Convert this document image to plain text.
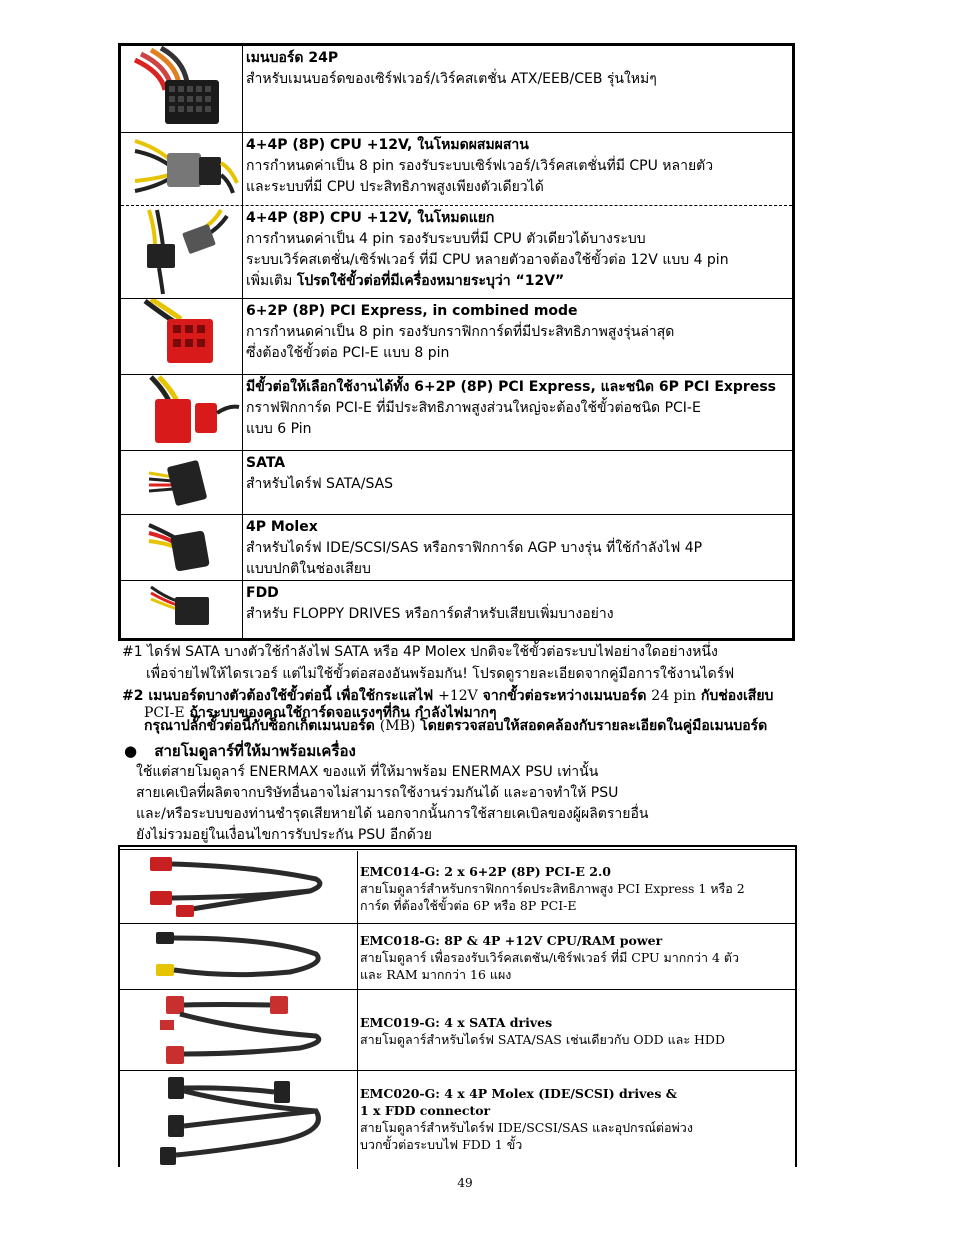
เมนบอร์ด 24P
สำหรับเมนบอร์ดของเซิร์ฟเวอร์/เวิร์คสเตชั่น ATX/EEB/CEB รุ่นใหม่ๆ
4+4P (8P) CPU +12V, ในโหมดผสมผสาน
การกำหนดค่าเป็น 8 pin รองรับระบบเซิร์ฟเวอร์/เวิร์คสเตชั่นที่มี CPU หลายตัว
และระบบที่มี CPU ประสิทธิภาพสูงเพียงตัวเดียวได้
4+4P (8P) CPU +12V, ในโหมดแยก
การกำหนดค่าเป็น 4 pin รองรับระบบที่มี CPU ตัวเดียวได้บางระบบ
ระบบเวิร์คสเตชั่น/เซิร์ฟเวอร์ ที่มี CPU หลายตัวอาจต้องใช้ขั้วต่อ 12V แบบ 4 pin
เพิ่มเติม โปรดใช้ขั้วต่อที่มีเครื่องหมายระบุว่า “12V”
6+2P (8P) PCI Express, in combined mode
การกำหนดค่าเป็น 8 pin รองรับกราฟิกการ์ดที่มีประสิทธิภาพสูงรุ่นล่าสุด
ซึ่งต้องใช้ขั้วต่อ PCI-E แบบ 8 pin
มีขั้วต่อให้เลือกใช้งานได้ทั้ง 6+2P (8P) PCI Express, และชนิด 6P PCI Express
กราฟฟิกการ์ด PCI-E ที่มีประสิทธิภาพสูงส่วนใหญ่จะต้องใช้ขั้วต่อชนิด PCI-E
แบบ 6 Pin
SATA
สำหรับไดร์ฟ SATA/SAS
4P Molex
สำหรับไดร์ฟ IDE/SCSI/SAS หรือกราฟิกการ์ด AGP บางรุ่น ที่ใช้กำลังไฟ 4P
แบบปกติในช่องเสียบ
FDD
สำหรับ FLOPPY DRIVES หรือการ์ดสำหรับเสียบเพิ่มบางอย่าง
#1 ไดร์ฟ SATA บางตัวใช้กำลังไฟ SATA หรือ 4P Molex ปกติจะใช้ขั้วต่อระบบไฟอย่างใดอย่างหนึ่ง
เพื่อจ่ายไฟให้ไดรเวอร์ แต่ไม่ใช้ขั้วต่อสองอันพร้อมกัน! โปรดดูรายละเอียดจากคู่มือการใช้งานไดร์ฟ
#2 เมนบอร์ดบางตัวต้องใช้ขั้วต่อนี้ เพื่อใช้กระแสไฟ +12V จากขั้วต่อระหว่างเมนบอร์ด 24 pin กับช่องเสียบ
PCI-E ถ้าระบบของคุณใช้การ์ดจอแรงๆที่กิน กำลังไฟมากๆ
กรุณาปลั๊กขั้วต่อนี้กับซ็อกเก็ตเมนบอร์ด (MB) โดยตรวจสอบให้สอดคล้องกับรายละเอียดในคู่มือเมนบอร์ด
● สายโมดูลาร์ที่ให้มาพร้อมเครื่อง
ใช้แต่สายโมดูลาร์ ENERMAX ของแท้ ที่ให้มาพร้อม ENERMAX PSU เท่านั้น
สายเคเบิลที่ผลิตจากบริษัทอื่นอาจไม่สามารถใช้งานร่วมกันได้ และอาจทำให้ PSU
และ/หรือระบบของท่านชำรุดเสียหายได้ นอกจากนั้นการใช้สายเคเบิลของผู้ผลิตรายอื่น
ยังไม่รวมอยู่ในเงื่อนไขการรับประกัน PSU อีกด้วย
EMC014-G: 2 x 6+2P (8P) PCI-E 2.0
สายโมดูลาร์สำหรับกราฟิกการ์ดประสิทธิภาพสูง PCI Express 1 หรือ 2
การ์ด ที่ต้องใช้ขั้วต่อ 6P หรือ 8P PCI-E
EMC018-G: 8P & 4P +12V CPU/RAM power
สายโมดูลาร์ เพื่อรองรับเวิร์คสเตชัน/เซิร์ฟเวอร์ ที่มี CPU มากกว่า 4 ตัว
และ RAM มากกว่า 16 แผง
EMC019-G: 4 x SATA drives
สายโมดูลาร์สำหรับไดร์ฟ SATA/SAS เช่นเดียวกับ ODD และ HDD
EMC020-G: 4 x 4P Molex (IDE/SCSI) drives &
1 x FDD connector
สายโมดูลาร์สำหรับไดร์ฟ IDE/SCSI/SAS และอุปกรณ์ต่อพ่วง
บวกขั้วต่อระบบไฟ FDD 1 ขั้ว
49
